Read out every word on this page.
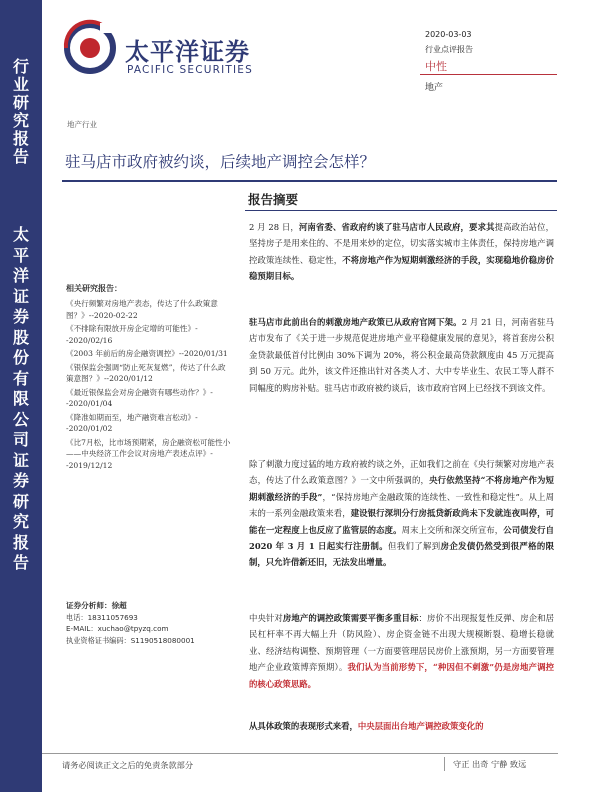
行
业
研
究
报
告
太
平
洋
证
券
股
份
有
限
公
司
证
券
研
究
报
告
太平洋证券
PACIFIC SECURITIES
2020-03-03
行业点评报告
中性
地产
地产行业
驻马店市政府被约谈，后续地产调控会怎样？
相关研究报告：
《央行频繁对房地产表态，传达了什么政策意图？》--2020-02-22
《不排除有限放开房企定增的可能性》--2020/02/16
《2003 年前后的房企融资调控》--2020/01/31
《银保监会强调“防止死灰复燃”，传达了什么政策意图？》--2020/01/12
《最近银保监会对房企融资有哪些动作？》--2020/01/04
《降准如期而至，地产融资难言松动》--2020/01/02
《比7月松，比市场预期紧，房企融资松可能性小——中央经济工作会议对房地产表述点评》--2019/12/12
证券分析师：徐超
电话：18311057693
E-MAIL：xuchao@tpyzq.com
执业资格证书编码：S1190518080001
报告摘要
2 月 28 日，河南省委、省政府约谈了驻马店市人民政府，要求其提高政治站位，坚持房子是用来住的、不是用来炒的定位，切实落实城市主体责任，保持房地产调控政策连续性、稳定性，不将房地产作为短期刺激经济的手段，实现稳地价稳房价稳预期目标。
驻马店市此前出台的刺激房地产政策已从政府官网下架。2 月 21 日，河南省驻马店市发布了《关于进一步规范促进房地产业平稳健康发展的意见》，将首套房公积金贷款最低首付比例由 30%下调为 20%，将公积金最高贷款额度由 45 万元提高到 50 万元。此外，该文件还推出针对各类人才、大中专毕业生、农民工等人群不同幅度的购房补贴。驻马店市政府被约谈后，该市政府官网上已经找不到该文件。
除了刺激力度过猛的地方政府被约谈之外，正如我们之前在《央行频繁对房地产表态，传达了什么政策意图？》一文中所强调的，央行依然坚持“不将房地产作为短期刺激经济的手段”，“保持房地产金融政策的连续性、一致性和稳定性”。从上周末的一系列金融政策来看，建设银行深圳分行房抵贷新政尚未下发就连夜叫停，可能在一定程度上也反应了监管层的态度。周末上交所和深交所宣布，公司债发行自 2020 年 3 月 1 日起实行注册制。但我们了解到房企发债仍然受到很严格的限制，只允许借新还旧，无法发出增量。
中央针对房地产的调控政策需要平衡多重目标：房价不出现报复性反弹、房企和居民杠杆率不再大幅上升（防风险）、房企资金链不出现大规模断裂、稳增长稳就业、经济结构调整、预期管理（一方面要管理居民房价上涨预期，另一方面要管理地产企业政策博弈预期）。我们认为当前形势下，“种因但不刺激”仍是房地产调控的核心政策思路。
从具体政策的表现形式来看，中央层面出台地产调控政策变化的
请务必阅读正文之后的免责条款部分	守正 出奇 宁静 致远
